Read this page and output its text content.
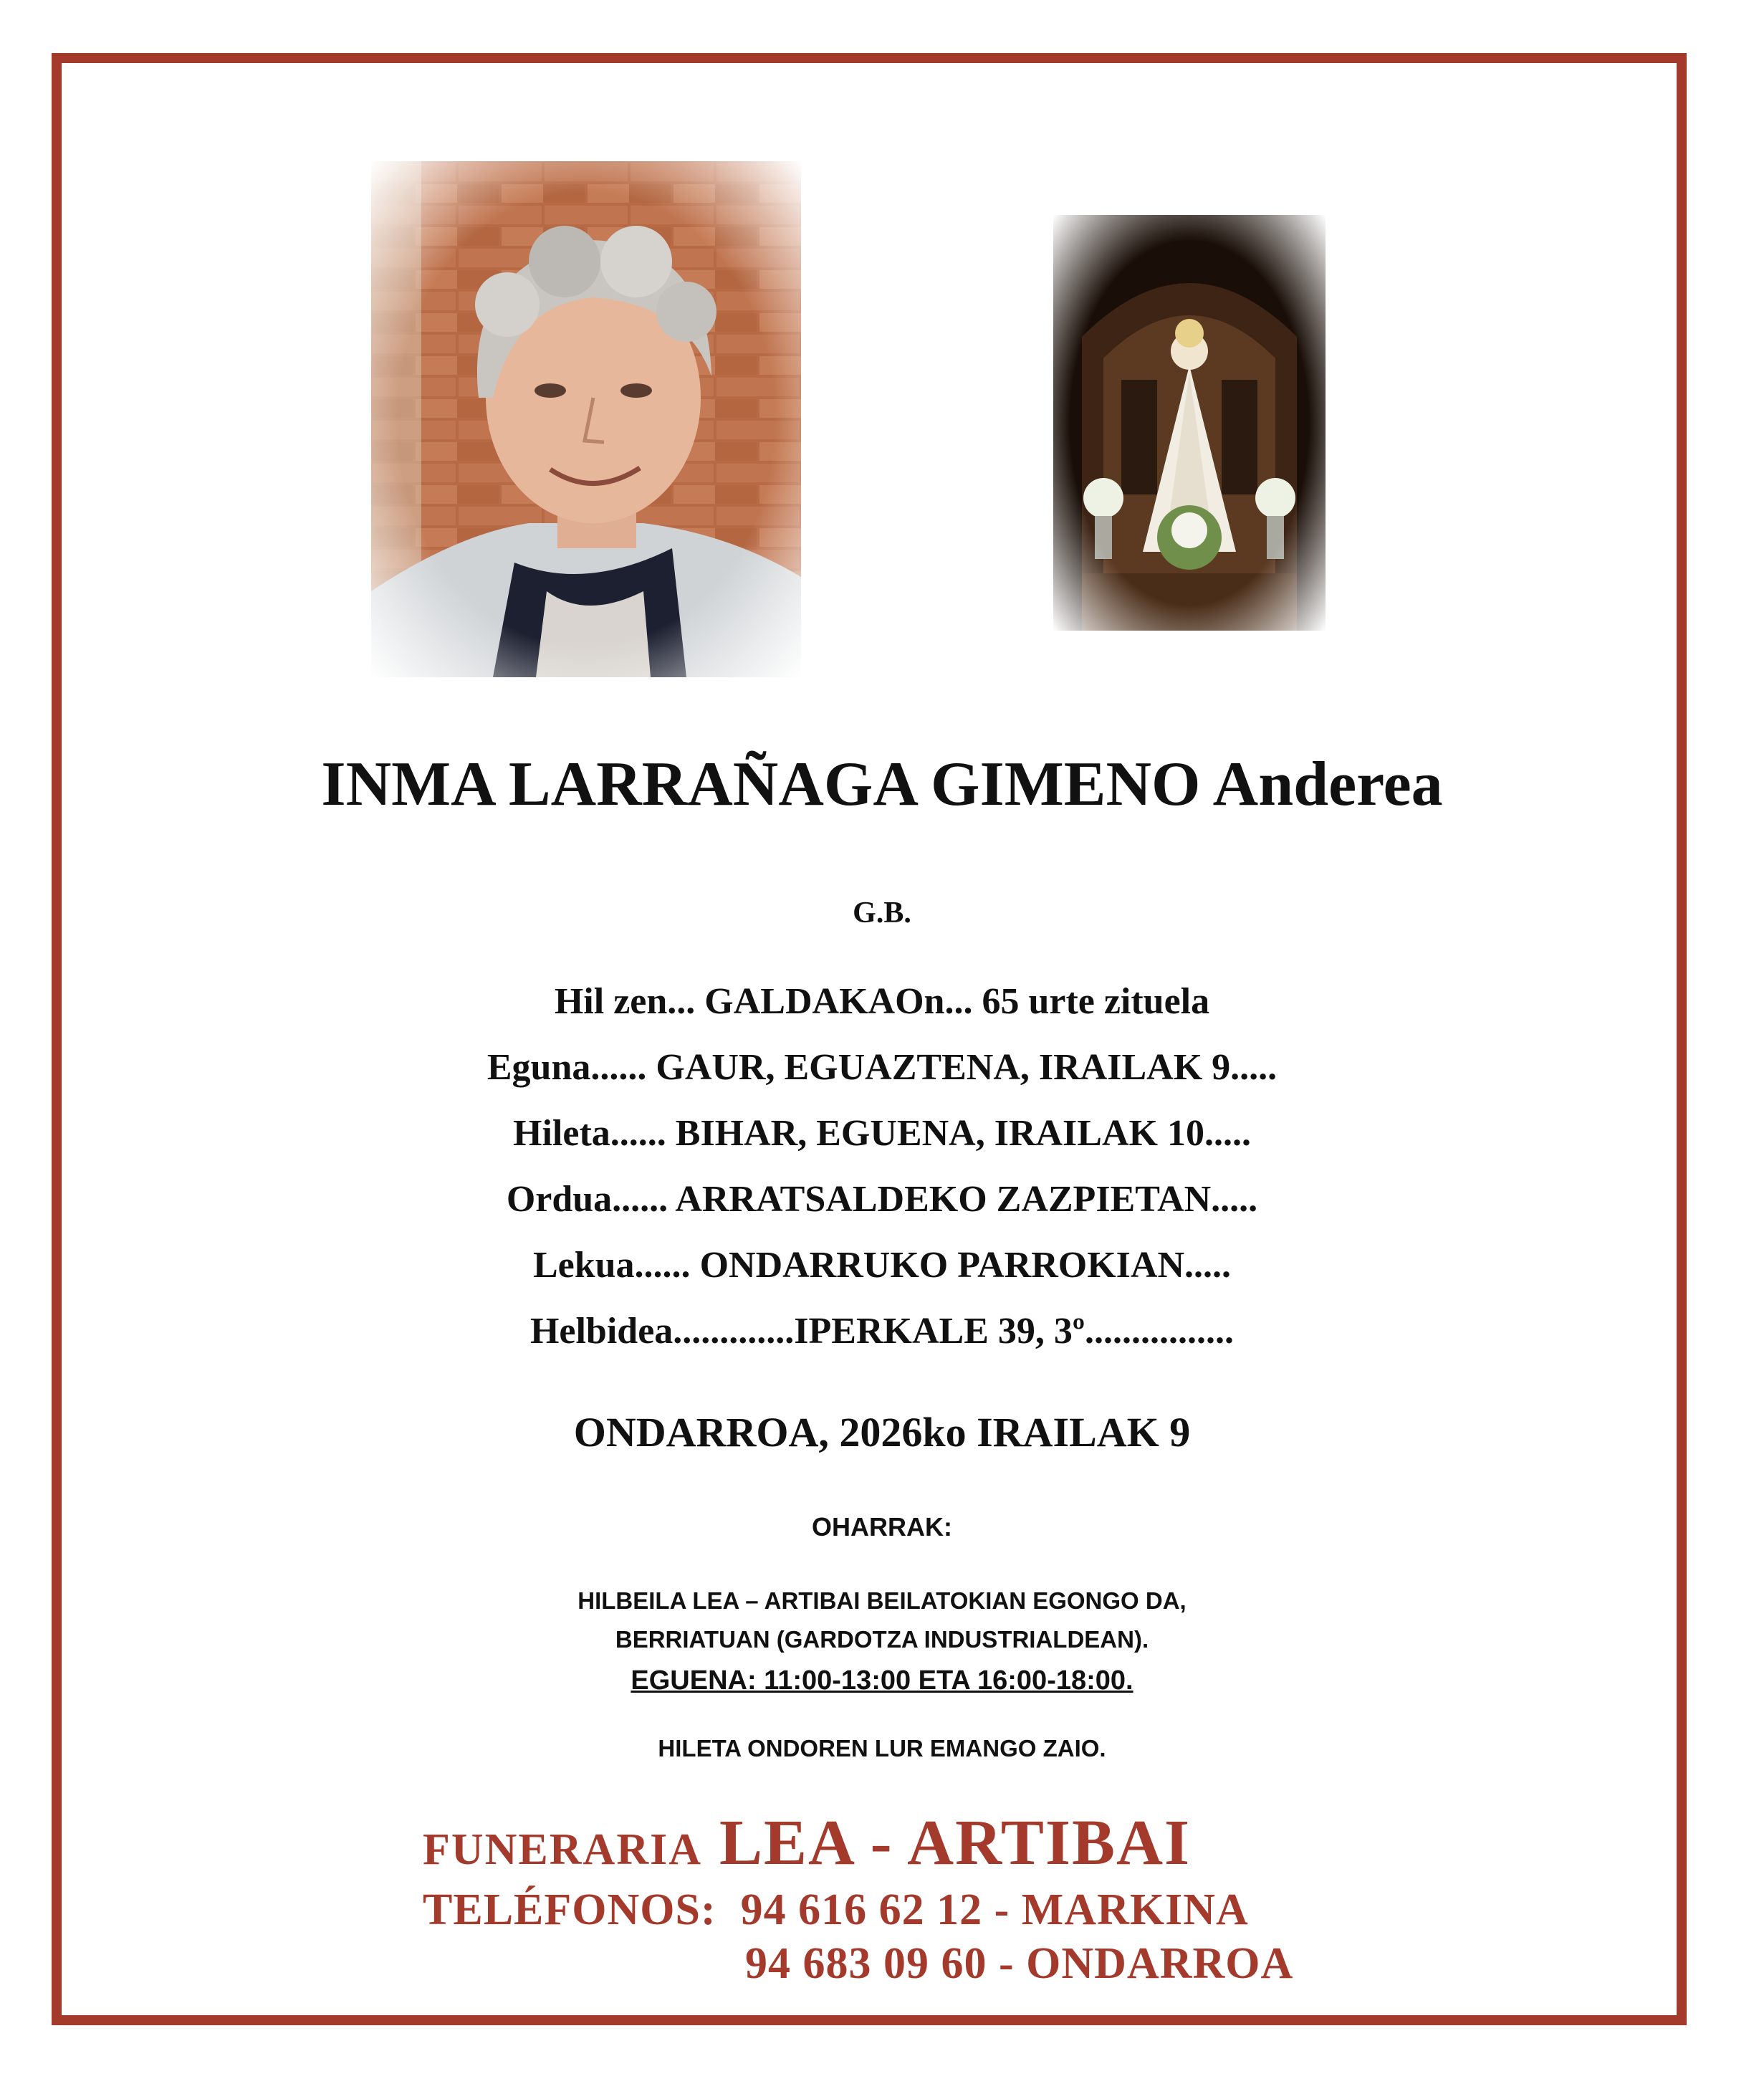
INMA LARRAÑAGA GIMENO Anderea
G.B.
Hil zen... GALDAKAOn... 65 urte zituela
Eguna...... GAUR, EGUAZTENA, IRAILAK 9.....
Hileta...... BIHAR, EGUENA, IRAILAK 10.....
Ordua...... ARRATSALDEKO ZAZPIETAN.....
Lekua...... ONDARRUKO PARROKIAN.....
Helbidea.............IPERKALE 39, 3º................
ONDARROA, 2026ko IRAILAK 9
OHARRAK:
HILBEILA LEA – ARTIBAI BEILATOKIAN EGONGO DA,
BERRIATUAN (GARDOTZA INDUSTRIALDEAN).
EGUENA: 11:00-13:00 ETA 16:00-18:00.
HILETA ONDOREN LUR EMANGO ZAIO.
FUNERARIA LEA - ARTIBAI
TELÉFONOS: 94 616 62 12 - MARKINA
94 683 09 60 - ONDARROA
